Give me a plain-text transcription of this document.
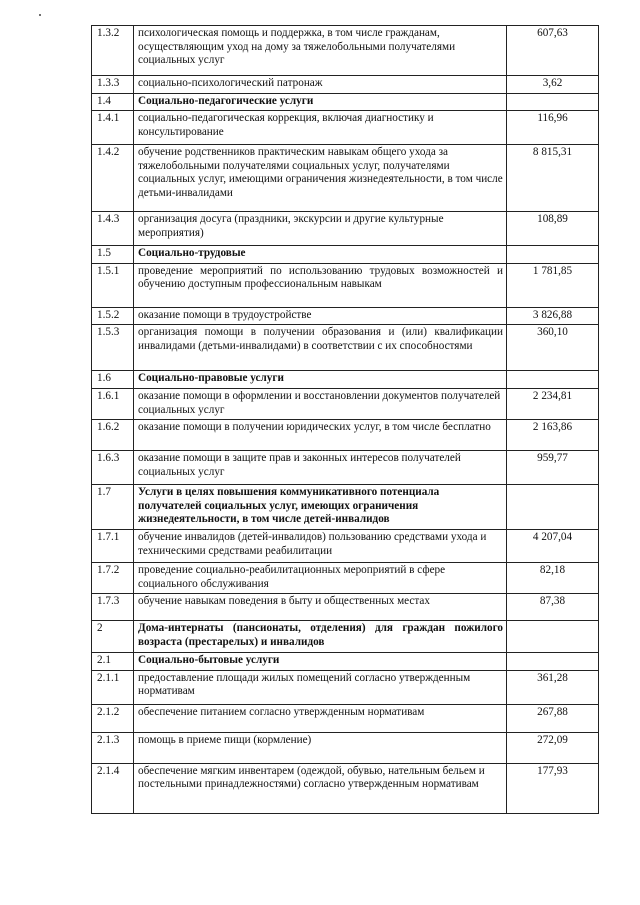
1.3.2	психологическая помощь и поддержка, в том числе гражданам, осуществляющим уход на дому за тяжелобольными получателями социальных услуг	607,63
1.3.3	социально-психологический патронаж	3,62
1.4	Социально-педагогические услуги	
1.4.1	социально-педагогическая коррекция, включая диагностику и консультирование	116,96
1.4.2	обучение родственников практическим навыкам общего ухода за тяжелобольными получателями социальных услуг, получателями социальных услуг, имеющими ограничения жизнедеятельности, в том числе детьми-инвалидами	8 815,31
1.4.3	организация досуга (праздники, экскурсии и другие культурные мероприятия)	108,89
1.5	Социально-трудовые	
1.5.1	проведение мероприятий по использованию трудовых возможностей и обучению доступным профессиональным навыкам	1 781,85
1.5.2	оказание помощи в трудоустройстве	3 826,88
1.5.3	организация помощи в получении образования и (или) квалификации инвалидами (детьми-инвалидами) в соответствии с их способностями	360,10
1.6	Социально-правовые услуги	
1.6.1	оказание помощи в оформлении и восстановлении документов получателей социальных услуг	2 234,81
1.6.2	оказание помощи в получении юридических услуг, в том числе бесплатно	2 163,86
1.6.3	оказание помощи в защите прав и законных интересов получателей социальных услуг	959,77
1.7	Услуги в целях повышения коммуникативного потенциала получателей социальных услуг, имеющих ограничения жизнедеятельности, в том числе детей-инвалидов	
1.7.1	обучение инвалидов (детей-инвалидов) пользованию средствами ухода и техническими средствами реабилитации	4 207,04
1.7.2	проведение социально-реабилитационных мероприятий в сфере социального обслуживания	82,18
1.7.3	обучение навыкам поведения в быту и общественных местах	87,38
2	Дома-интернаты (пансионаты, отделения) для граждан пожилого возраста (престарелых) и инвалидов	
2.1	Социально-бытовые услуги	
2.1.1	предоставление площади жилых помещений согласно утвержденным нормативам	361,28
2.1.2	обеспечение питанием согласно утвержденным нормативам	267,88
2.1.3	помощь в приеме пищи (кормление)	272,09
2.1.4	обеспечение мягким инвентарем (одеждой, обувью, нательным бельем и постельными принадлежностями) согласно утвержденным нормативам	177,93
